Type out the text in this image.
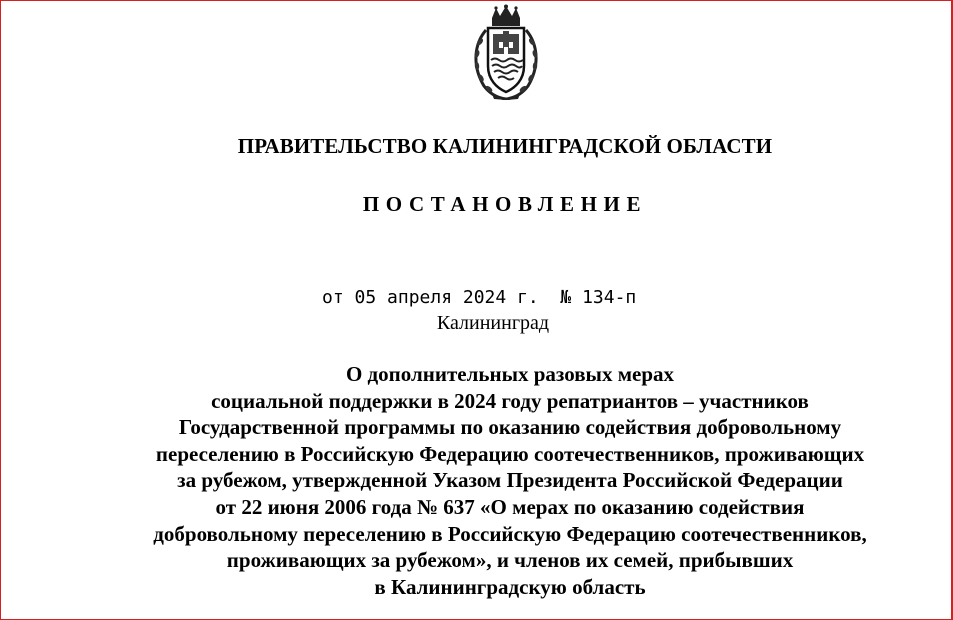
ПРАВИТЕЛЬСТВО КАЛИНИНГРАДСКОЙ ОБЛАСТИ
ПОСТАНОВЛЕНИЕ
от 05 апреля 2024 г.  № 134-п
Калининград
О дополнительных разовых мерах
социальной поддержки в 2024 году репатриантов – участников
Государственной программы по оказанию содействия добровольному
переселению в Российскую Федерацию соотечественников, проживающих
за рубежом, утвержденной Указом Президента Российской Федерации
от 22 июня 2006 года № 637 «О мерах по оказанию содействия
добровольному переселению в Российскую Федерацию соотечественников,
проживающих за рубежом», и членов их семей, прибывших
в Калининградскую область
